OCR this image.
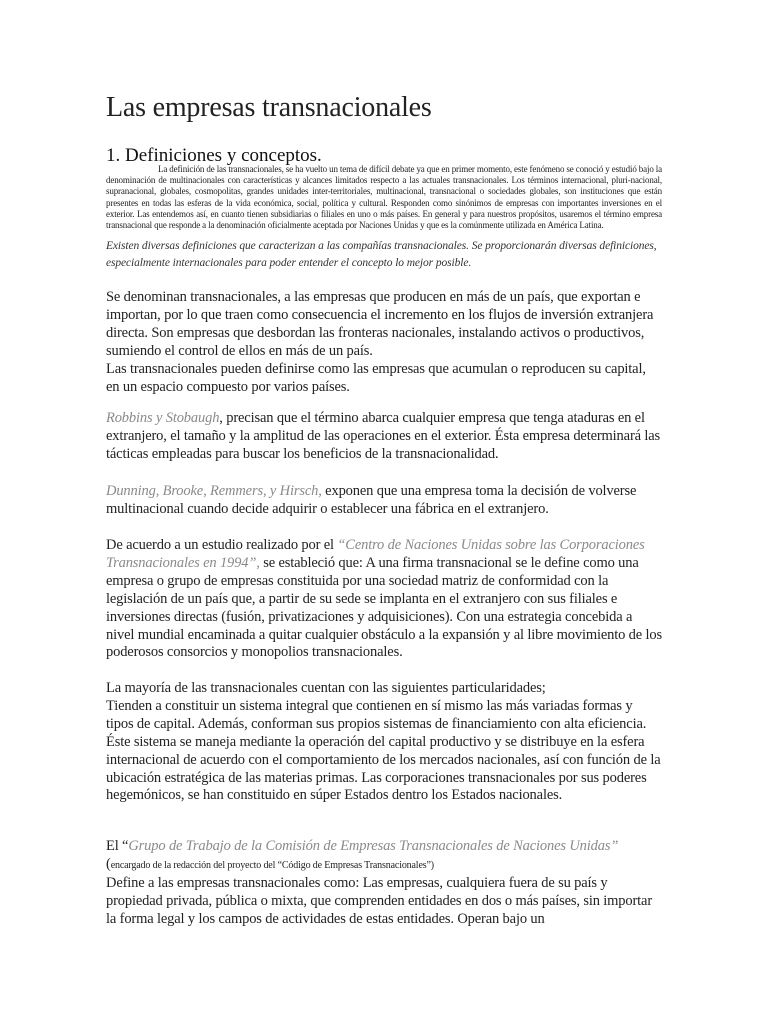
Las empresas transnacionales
1. Definiciones y conceptos.
La definición de las transnacionales, se ha vuelto un tema de difícil debate ya que en primer momento, este fenómeno se conoció y estudió bajo la denominación de multinacionales con características y alcances limitados respecto a las actuales transnacionales. Los términos internacional, pluri-nacional, supranacional, globales, cosmopolitas, grandes unidades inter-territoriales, multinacional, transnacional o sociedades globales, son instituciones que están presentes en todas las esferas de la vida económica, social, política y cultural. Responden como sinónimos de empresas con importantes inversiones en el exterior. Las entendemos así, en cuanto tienen subsidiarias o filiales en uno o más países. En general y para nuestros propósitos, usaremos el término empresa transnacional que responde a la denominación oficialmente aceptada por Naciones Unidas y que es la comúnmente utilizada en América Latina.
Existen diversas definiciones que caracterizan a las compañías transnacionales. Se proporcionarán diversas definiciones, especialmente internacionales para poder entender el concepto lo mejor posible.

Se denominan transnacionales, a las empresas que producen en más de un país, que exportan e importan, por lo que traen como consecuencia el incremento en los flujos de inversión extranjera directa. Son empresas que desbordan las fronteras nacionales, instalando activos o productivos, sumiendo el control de ellos en más de un país.

Las transnacionales pueden definirse como las empresas que acumulan o reproducen su capital, en un espacio compuesto por varios países.

Robbins y Stobaugh, precisan que el término abarca cualquier empresa que tenga ataduras en el extranjero, el tamaño y la amplitud de las operaciones en el exterior. Ésta empresa determinará las tácticas empleadas para buscar los beneficios de la transnacionalidad.
Dunning, Brooke, Remmers, y Hirsch, exponen que una empresa toma la decisión de volverse multinacional cuando decide adquirir o establecer una fábrica en el extranjero.
De acuerdo a un estudio realizado por el “Centro de Naciones Unidas sobre las Corporaciones Transnacionales en 1994”, se estableció que: A una firma transnacional se le define como una empresa o grupo de empresas constituida por una sociedad matriz de conformidad con la legislación de un país que, a partir de su sede se implanta en el extranjero con sus filiales e inversiones directas (fusión, privatizaciones y adquisiciones). Con una estrategia concebida a nivel mundial encaminada a quitar cualquier obstáculo a la expansión y al libre movimiento de los poderosos consorcios y monopolios transnacionales.

La mayoría de las transnacionales cuentan con las siguientes particularidades;

Tienden a constituir un sistema integral que contienen en sí mismo las más variadas formas y tipos de capital. Además, conforman sus propios sistemas de financiamiento con alta eficiencia. Éste sistema se maneja mediante la operación del capital productivo y se distribuye en la esfera internacional de acuerdo con el comportamiento de los mercados nacionales, así con función de la ubicación estratégica de las materias primas. Las corporaciones transnacionales por sus poderes hegemónicos, se han constituido en súper Estados dentro los Estados nacionales.

El “Grupo de Trabajo de la Comisión de Empresas Transnacionales de Naciones Unidas”

(encargado de la redacción del proyecto del “Código de Empresas Transnacionales”)

Define a las empresas transnacionales como: Las empresas, cualquiera fuera de su país y propiedad privada, pública o mixta, que comprenden entidades en dos o más países, sin importar la forma legal y los campos de actividades de estas entidades. Operan bajo un
